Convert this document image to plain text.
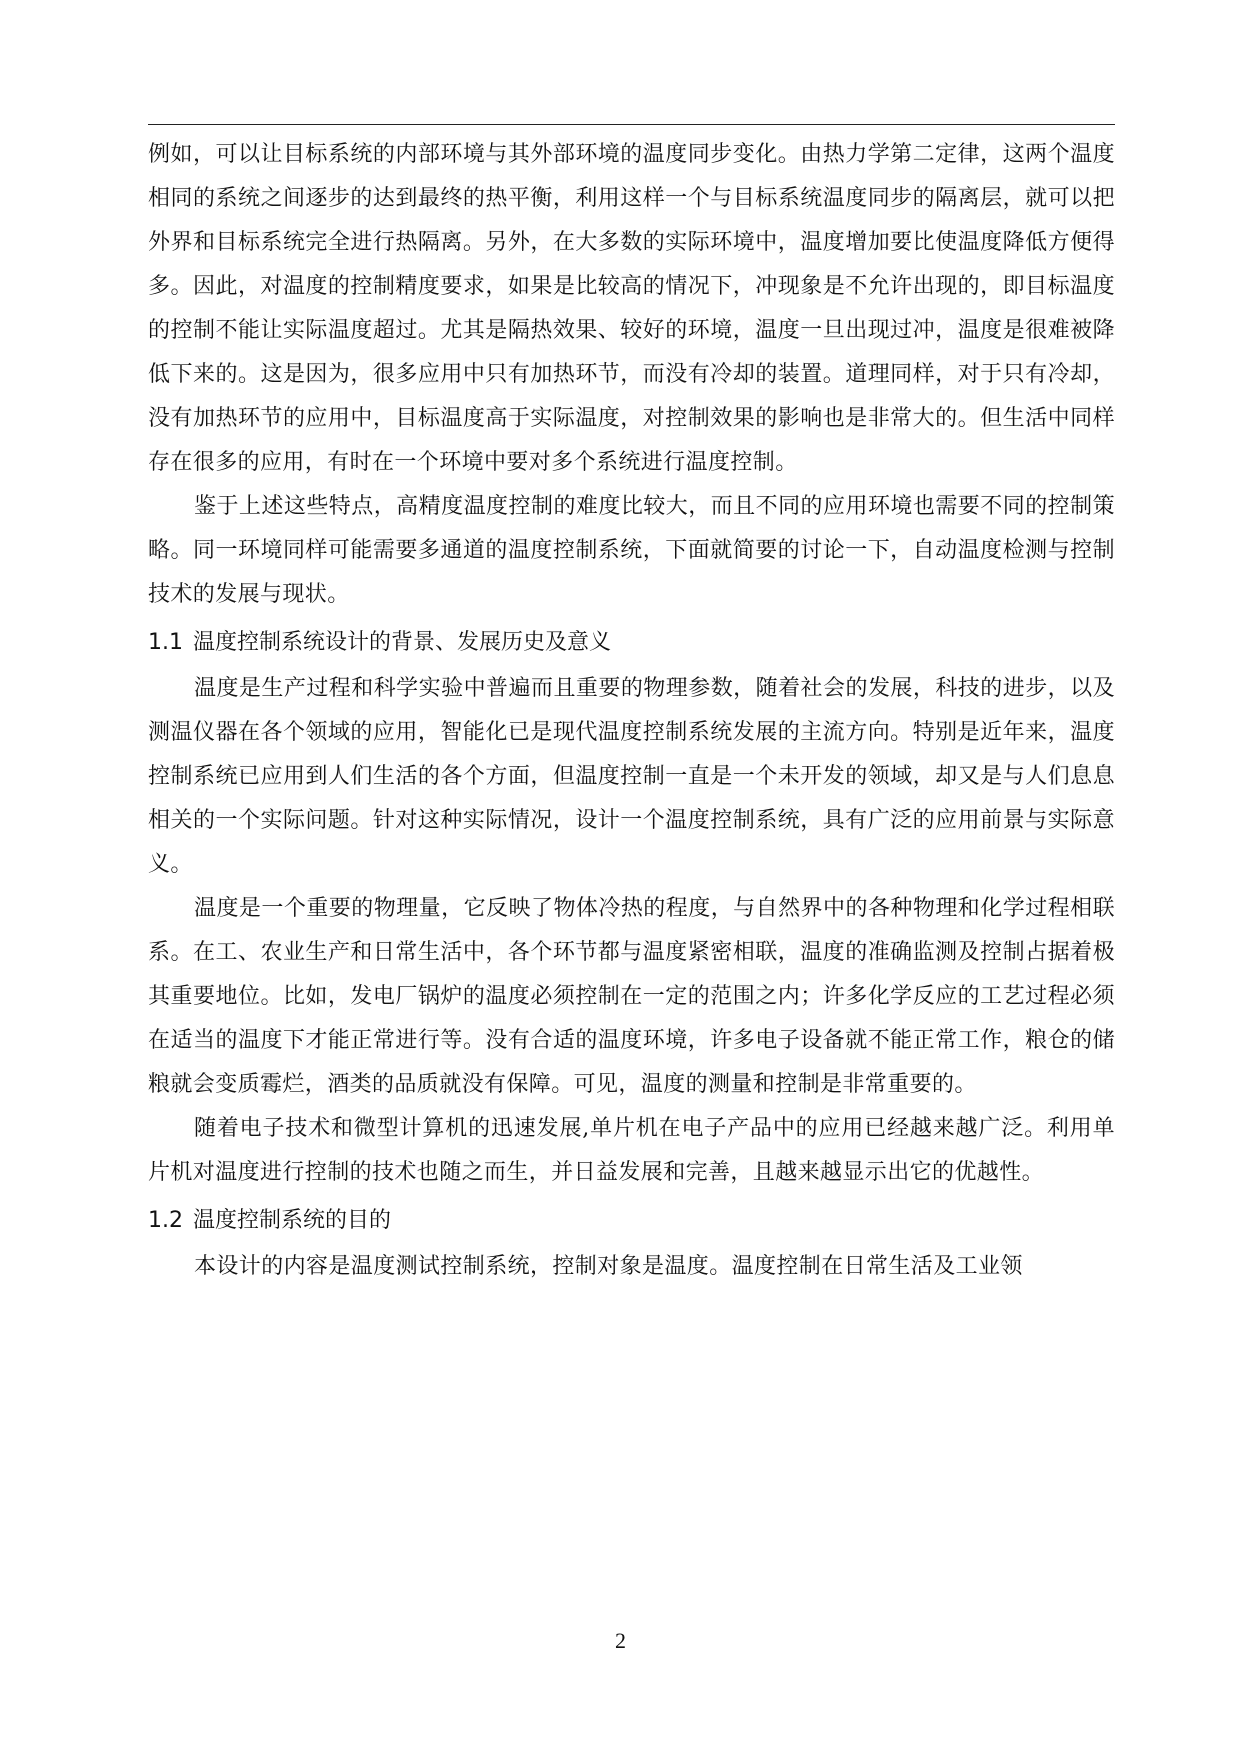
例如，可以让目标系统的内部环境与其外部环境的温度同步变化。由热力学第二定律，这两个温度相同的系统之间逐步的达到最终的热平衡，利用这样一个与目标系统温度同步的隔离层，就可以把外界和目标系统完全进行热隔离。另外，在大多数的实际环境中，温度增加要比使温度降低方便得多。因此，对温度的控制精度要求，如果是比较高的情况下，冲现象是不允许出现的，即目标温度的控制不能让实际温度超过。尤其是隔热效果、较好的环境，温度一旦出现过冲，温度是很难被降低下来的。这是因为，很多应用中只有加热环节，而没有冷却的装置。道理同样，对于只有冷却，没有加热环节的应用中，目标温度高于实际温度，对控制效果的影响也是非常大的。但生活中同样存在很多的应用，有时在一个环境中要对多个系统进行温度控制。

鉴于上述这些特点，高精度温度控制的难度比较大，而且不同的应用环境也需要不同的控制策略。同一环境同样可能需要多通道的温度控制系统，下面就简要的讨论一下，自动温度检测与控制技术的发展与现状。

1.1 温度控制系统设计的背景、发展历史及意义

温度是生产过程和科学实验中普遍而且重要的物理参数，随着社会的发展，科技的进步，以及测温仪器在各个领域的应用，智能化已是现代温度控制系统发展的主流方向。特别是近年来，温度控制系统已应用到人们生活的各个方面，但温度控制一直是一个未开发的领域，却又是与人们息息相关的一个实际问题。针对这种实际情况，设计一个温度控制系统，具有广泛的应用前景与实际意义。

温度是一个重要的物理量，它反映了物体冷热的程度，与自然界中的各种物理和化学过程相联系。在工、农业生产和日常生活中，各个环节都与温度紧密相联，温度的准确监测及控制占据着极其重要地位。比如，发电厂锅炉的温度必须控制在一定的范围之内；许多化学反应的工艺过程必须在适当的温度下才能正常进行等。没有合适的温度环境，许多电子设备就不能正常工作，粮仓的储粮就会变质霉烂，酒类的品质就没有保障。可见，温度的测量和控制是非常重要的。

随着电子技术和微型计算机的迅速发展,单片机在电子产品中的应用已经越来越广泛。利用单片机对温度进行控制的技术也随之而生，并日益发展和完善，且越来越显示出它的优越性。

1.2 温度控制系统的目的

本设计的内容是温度测试控制系统，控制对象是温度。温度控制在日常生活及工业领

2
